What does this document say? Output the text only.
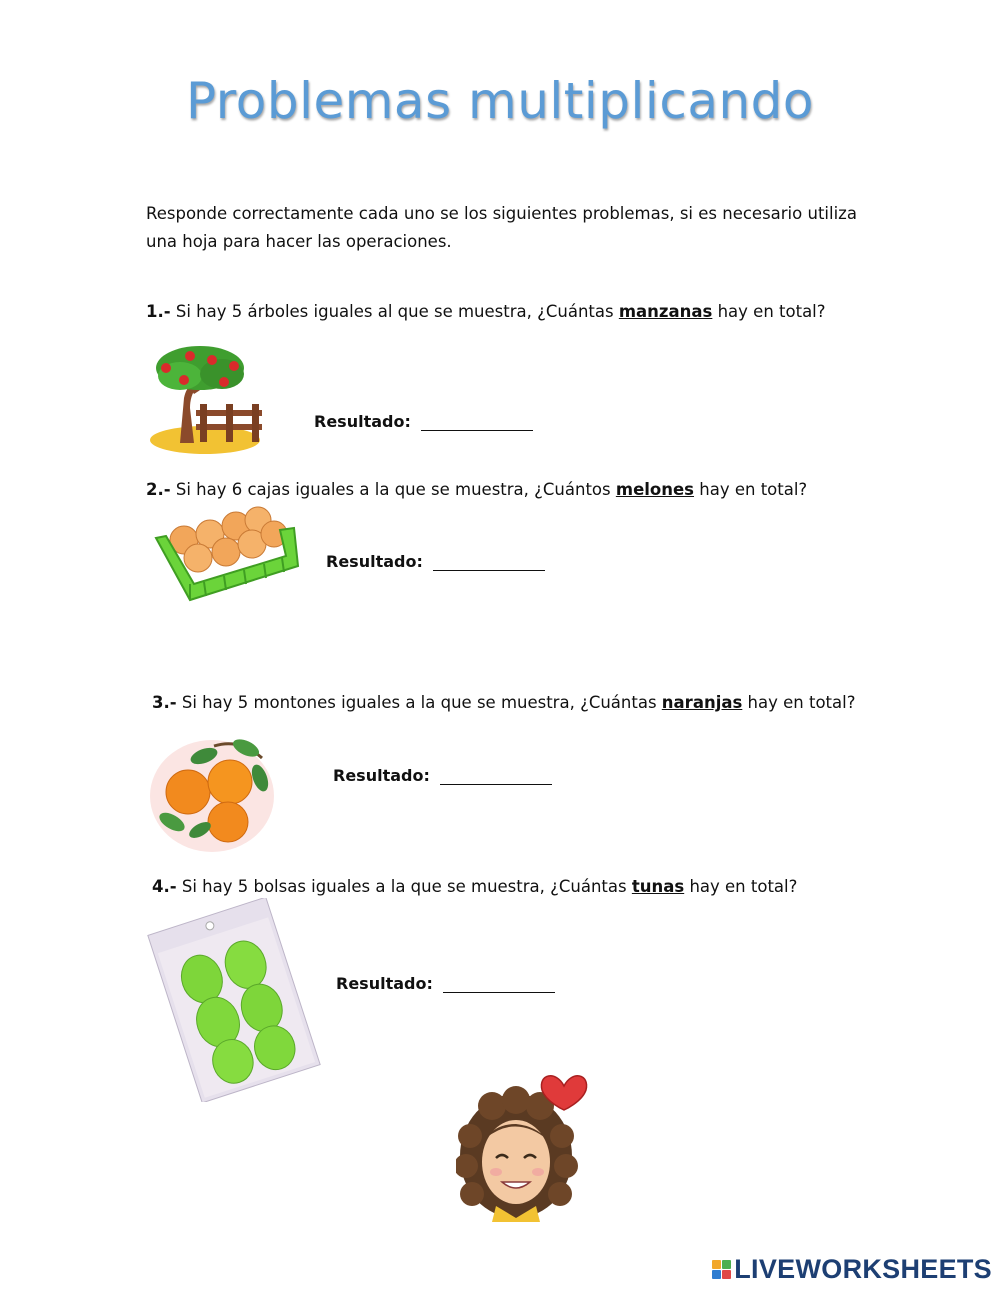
Problemas multiplicando
Responde correctamente cada uno se los siguientes problemas, si es necesario utiliza una hoja para hacer las operaciones.
1.- Si hay 5 árboles iguales al que se muestra, ¿Cuántas manzanas hay en total?
Resultado:
2.- Si hay 6 cajas iguales a la que se muestra, ¿Cuántos melones hay en total?
Resultado:
3.- Si hay 5 montones iguales a la que se muestra, ¿Cuántas naranjas hay en total?
Resultado:
4.- Si hay 5 bolsas iguales a la que se muestra, ¿Cuántas tunas hay en total?
Resultado:
LIVEWORKSHEETS
